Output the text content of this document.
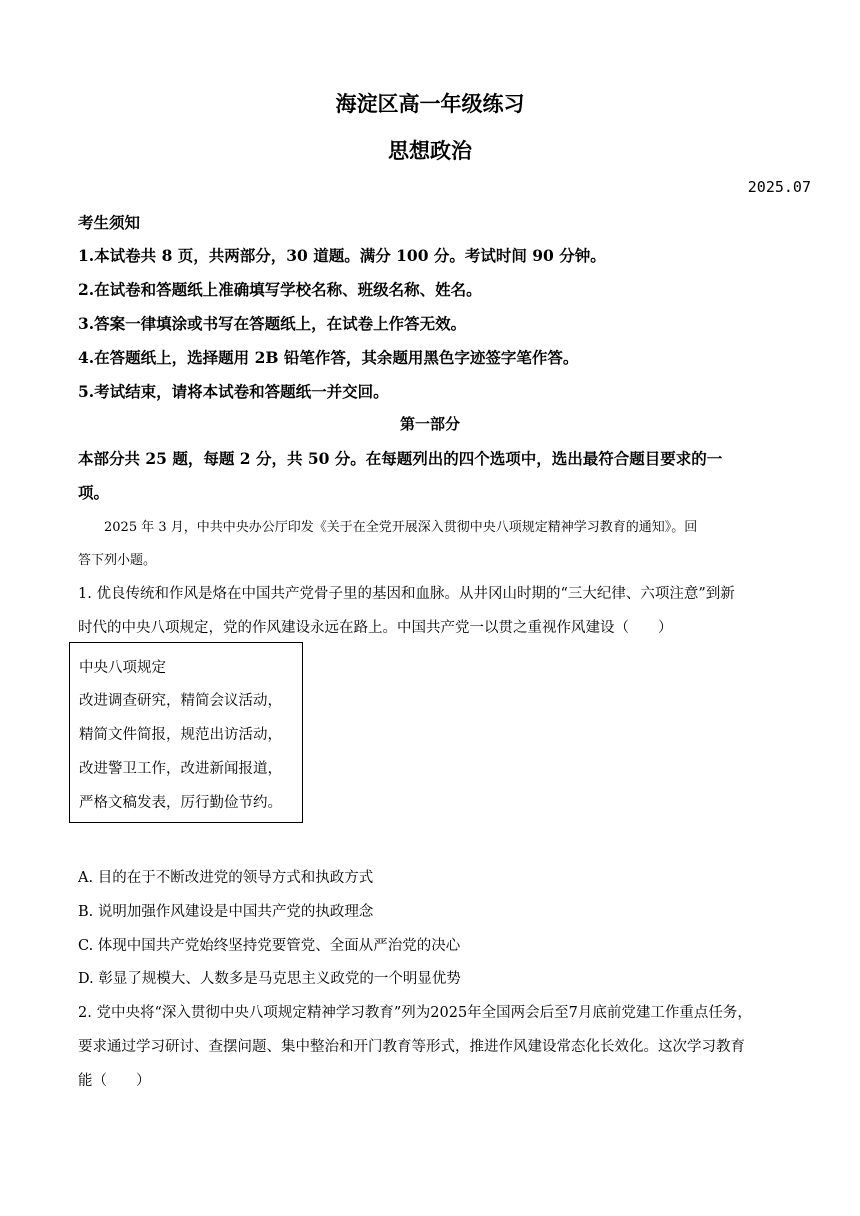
海淀区高一年级练习
思想政治
2025.07
考生须知
1.本试卷共 8 页，共两部分，30 道题。满分 100 分。考试时间 90 分钟。
2.在试卷和答题纸上准确填写学校名称、班级名称、姓名。
3.答案一律填涂或书写在答题纸上，在试卷上作答无效。
4.在答题纸上，选择题用 2B 铅笔作答，其余题用黑色字迹签字笔作答。
5.考试结束，请将本试卷和答题纸一并交回。
第一部分
本部分共 25 题，每题 2 分，共 50 分。在每题列出的四个选项中，选出最符合题目要求的一
项。
2025 年 3 月，中共中央办公厅印发《关于在全党开展深入贯彻中央八项规定精神学习教育的通知》。回
答下列小题。
1. 优良传统和作风是烙在中国共产党骨子里的基因和血脉。从井冈山时期的“三大纪律、六项注意”到新
时代的中央八项规定，党的作风建设永远在路上。中国共产党一以贯之重视作风建设（　　）
中央八项规定
改进调查研究，精简会议活动，
精简文件简报，规范出访活动，
改进警卫工作，改进新闻报道，
严格文稿发表，厉行勤俭节约。
A. 目的在于不断改进党的领导方式和执政方式
B. 说明加强作风建设是中国共产党的执政理念
C. 体现中国共产党始终坚持党要管党、全面从严治党的决心
D. 彰显了规模大、人数多是马克思主义政党的一个明显优势
2. 党中央将“深入贯彻中央八项规定精神学习教育”列为2025年全国两会后至7月底前党建工作重点任务，
要求通过学习研讨、查摆问题、集中整治和开门教育等形式，推进作风建设常态化长效化。这次学习教育
能（　　）
